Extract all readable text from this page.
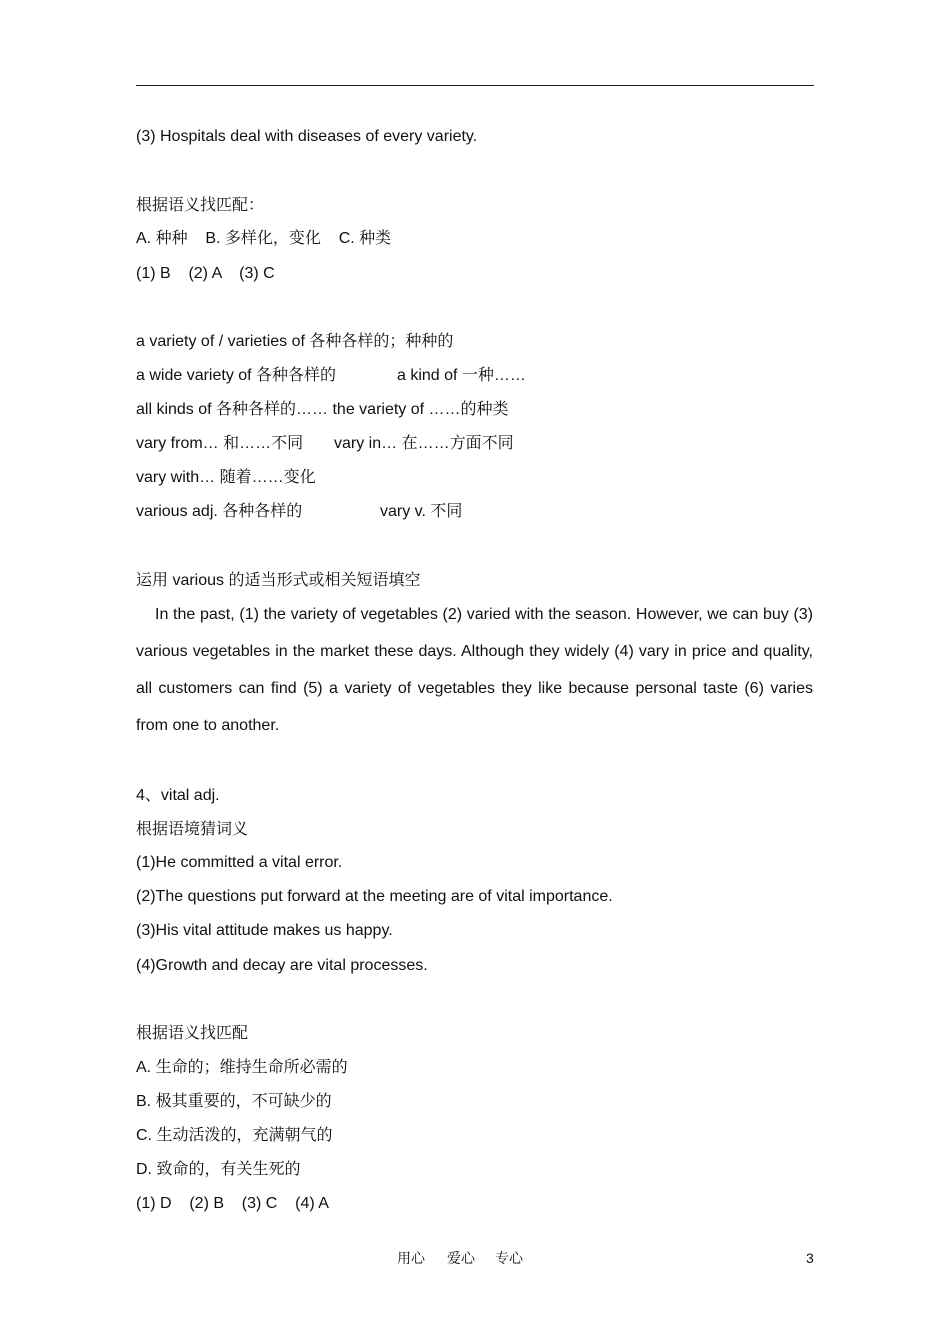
(3) Hospitals deal with diseases of every variety.
根据语义找匹配：
A. 种种    B. 多样化，变化    C. 种类
(1) B    (2) A    (3) C
a variety of / varieties of 各种各样的；种种的
a wide variety of 各种各样的	a kind of 一种……
all kinds of 各种各样的…… the variety of ……的种类
vary from… 和……不同 vary in… 在……方面不同
vary with… 随着……变化
various adj. 各种各样的	vary v. 不同
运用 various 的适当形式或相关短语填空
In the past, (1) the variety of vegetables (2) varied with the season. However, we can buy (3) various vegetables in the market these days. Although they widely (4) vary in price and quality, all customers can find (5) a variety of vegetables they like because personal taste (6) varies from one to another.
4、vital adj.
根据语境猜词义
(1)He committed a vital error.
(2)The questions put forward at the meeting are of vital importance.
(3)His vital attitude makes us happy.
(4)Growth and decay are vital processes.
根据语义找匹配
A. 生命的；维持生命所必需的
B. 极其重要的，不可缺少的
C. 生动活泼的，充满朝气的
D. 致命的，有关生死的
(1) D    (2) B    (3) C    (4) A
用心 爱心 专心	3
